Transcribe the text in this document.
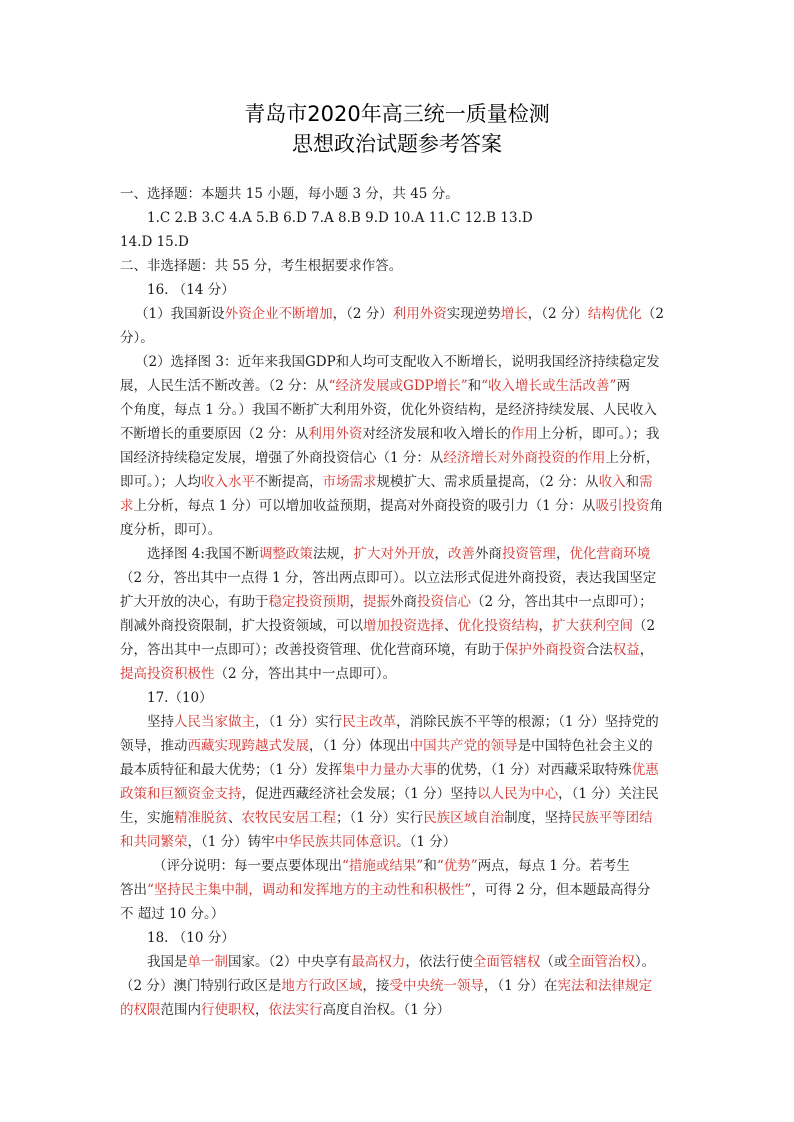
青岛市2020年高三统一质量检测
思想政治试题参考答案
一、选择题：本题共 15 小题，每小题 3 分，共 45 分。
1.C 2.B 3.C 4.A 5.B 6.D 7.A 8.B 9.D 10.A 11.C 12.B 13.D
14.D 15.D
二、非选择题：共 55 分，考生根据要求作答。
16. （14 分）
（1）我国新设外资企业不断增加，（2 分）利用外资实现逆势增长，（2 分）结构优化（2
分）。
（2）选择图 3：近年来我国GDP和人均可支配收入不断增长，说明我国经济持续稳定发
展，人民生活不断改善。（2 分：从“经济发展或GDP增长”和“收入增长或生活改善”两
个角度，每点 1 分。）我国不断扩大利用外资，优化外资结构，是经济持续发展、人民收入
不断增长的重要原因（2 分：从利用外资对经济发展和收入增长的作用上分析，即可。）；我
国经济持续稳定发展，增强了外商投资信心（1 分：从经济增长对外商投资的作用上分析，
即可。）；人均收入水平不断提高，市场需求规模扩大、需求质量提高，（2 分：从收入和需
求上分析，每点 1 分）可以增加收益预期，提高对外商投资的吸引力（1 分：从吸引投资角
度分析，即可）。
选择图 4:我国不断调整政策法规，扩大对外开放，改善外商投资管理，优化营商环境
（2 分，答出其中一点得 1 分，答出两点即可）。以立法形式促进外商投资，表达我国坚定
扩大开放的决心，有助于稳定投资预期，提振外商投资信心（2 分，答出其中一点即可）；
削减外商投资限制，扩大投资领域，可以增加投资选择、优化投资结构，扩大获利空间（2
分，答出其中一点即可）；改善投资管理、优化营商环境，有助于保护外商投资合法权益，
提高投资积极性（2 分，答出其中一点即可）。
17.（10）
坚持人民当家做主，（1 分）实行民主改革，消除民族不平等的根源；（1 分）坚持党的
领导，推动西藏实现跨越式发展，（1 分）体现出中国共产党的领导是中国特色社会主义的
最本质特征和最大优势；（1 分）发挥集中力量办大事的优势，（1 分）对西藏采取特殊优惠
政策和巨额资金支持，促进西藏经济社会发展；（1 分）坚持以人民为中心，（1 分）关注民
生，实施精准脱贫、农牧民安居工程；（1 分）实行民族区域自治制度，坚持民族平等团结
和共同繁荣，（1 分）铸牢中华民族共同体意识。（1 分）
（评分说明：每一要点要体现出“措施或结果”和“优势”两点，每点 1 分。若考生
答出“坚持民主集中制，调动和发挥地方的主动性和积极性”，可得 2 分，但本题最高得分
不 超过 10 分。）
18. （10 分）
我国是单一制国家。（2）中央享有最高权力，依法行使全面管辖权（或全面管治权）。
（2 分）澳门特别行政区是地方行政区域，接受中央统一领导，（1 分）在宪法和法律规定
的权限范围内行使职权，依法实行高度自治权。（1 分）
